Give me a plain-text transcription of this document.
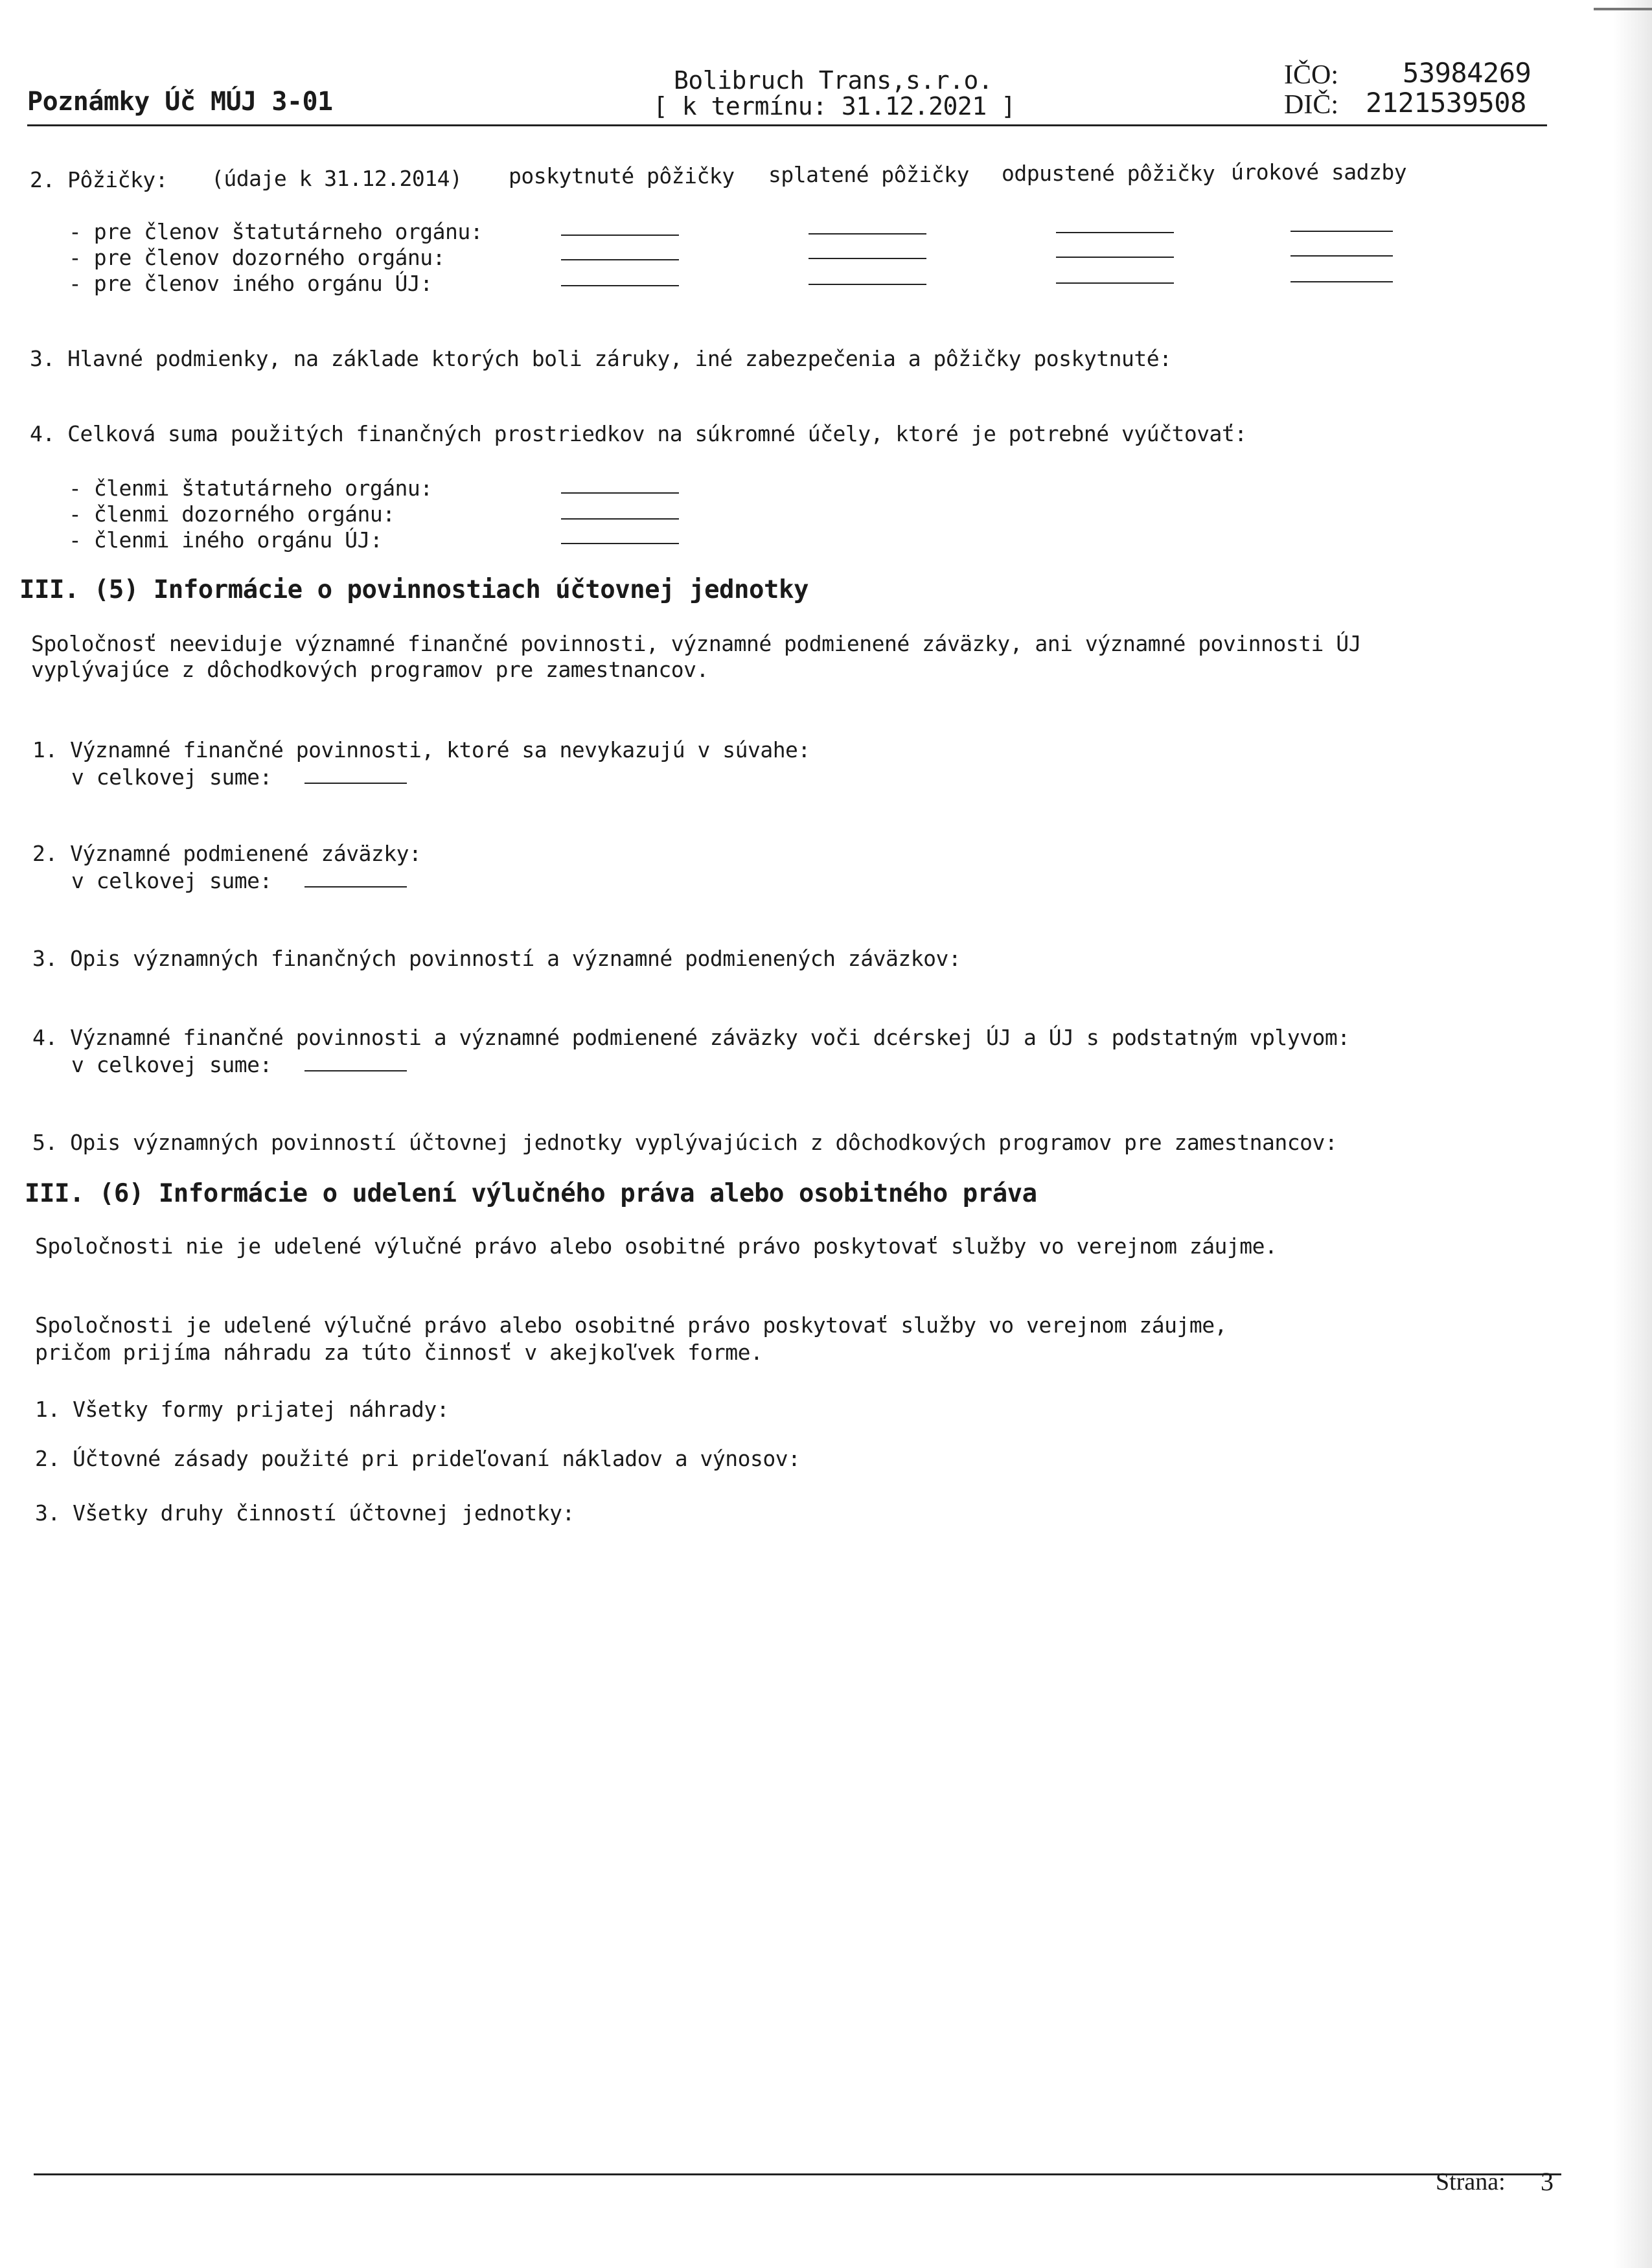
Poznámky Úč MÚJ 3-01
Bolibruch Trans,s.r.o.
[ k termínu: 31.12.2021 ]
IČO: 53984269
DIČ: 2121539508
2. Pôžičky: (údaje k 31.12.2014) poskytnuté pôžičky splatené pôžičky odpustené pôžičky úrokové sadzby
- pre členov štatutárneho orgánu:
- pre členov dozorného orgánu:
- pre členov iného orgánu ÚJ:
3. Hlavné podmienky, na základe ktorých boli záruky, iné zabezpečenia a pôžičky poskytnuté:
4. Celková suma použitých finančných prostriedkov na súkromné účely, ktoré je potrebné vyúčtovať:
- členmi štatutárneho orgánu:
- členmi dozorného orgánu:
- členmi iného orgánu ÚJ:
III. (5) Informácie o povinnostiach účtovnej jednotky
Spoločnosť neeviduje významné finančné povinnosti, významné podmienené záväzky, ani významné povinnosti ÚJ
vyplývajúce z dôchodkových programov pre zamestnancov.
1. Významné finančné povinnosti, ktoré sa nevykazujú v súvahe:
v celkovej sume:
2. Významné podmienené záväzky:
v celkovej sume:
3. Opis významných finančných povinností a významné podmienených záväzkov:
4. Významné finančné povinnosti a významné podmienené záväzky voči dcérskej ÚJ a ÚJ s podstatným vplyvom:
v celkovej sume:
5. Opis významných povinností účtovnej jednotky vyplývajúcich z dôchodkových programov pre zamestnancov:
III. (6) Informácie o udelení výlučného práva alebo osobitného práva
Spoločnosti nie je udelené výlučné právo alebo osobitné právo poskytovať služby vo verejnom záujme.
Spoločnosti je udelené výlučné právo alebo osobitné právo poskytovať služby vo verejnom záujme,
pričom prijíma náhradu za túto činnosť v akejkoľvek forme.
1. Všetky formy prijatej náhrady:
2. Účtovné zásady použité pri prideľovaní nákladov a výnosov:
3. Všetky druhy činností účtovnej jednotky:
Strana: 3
